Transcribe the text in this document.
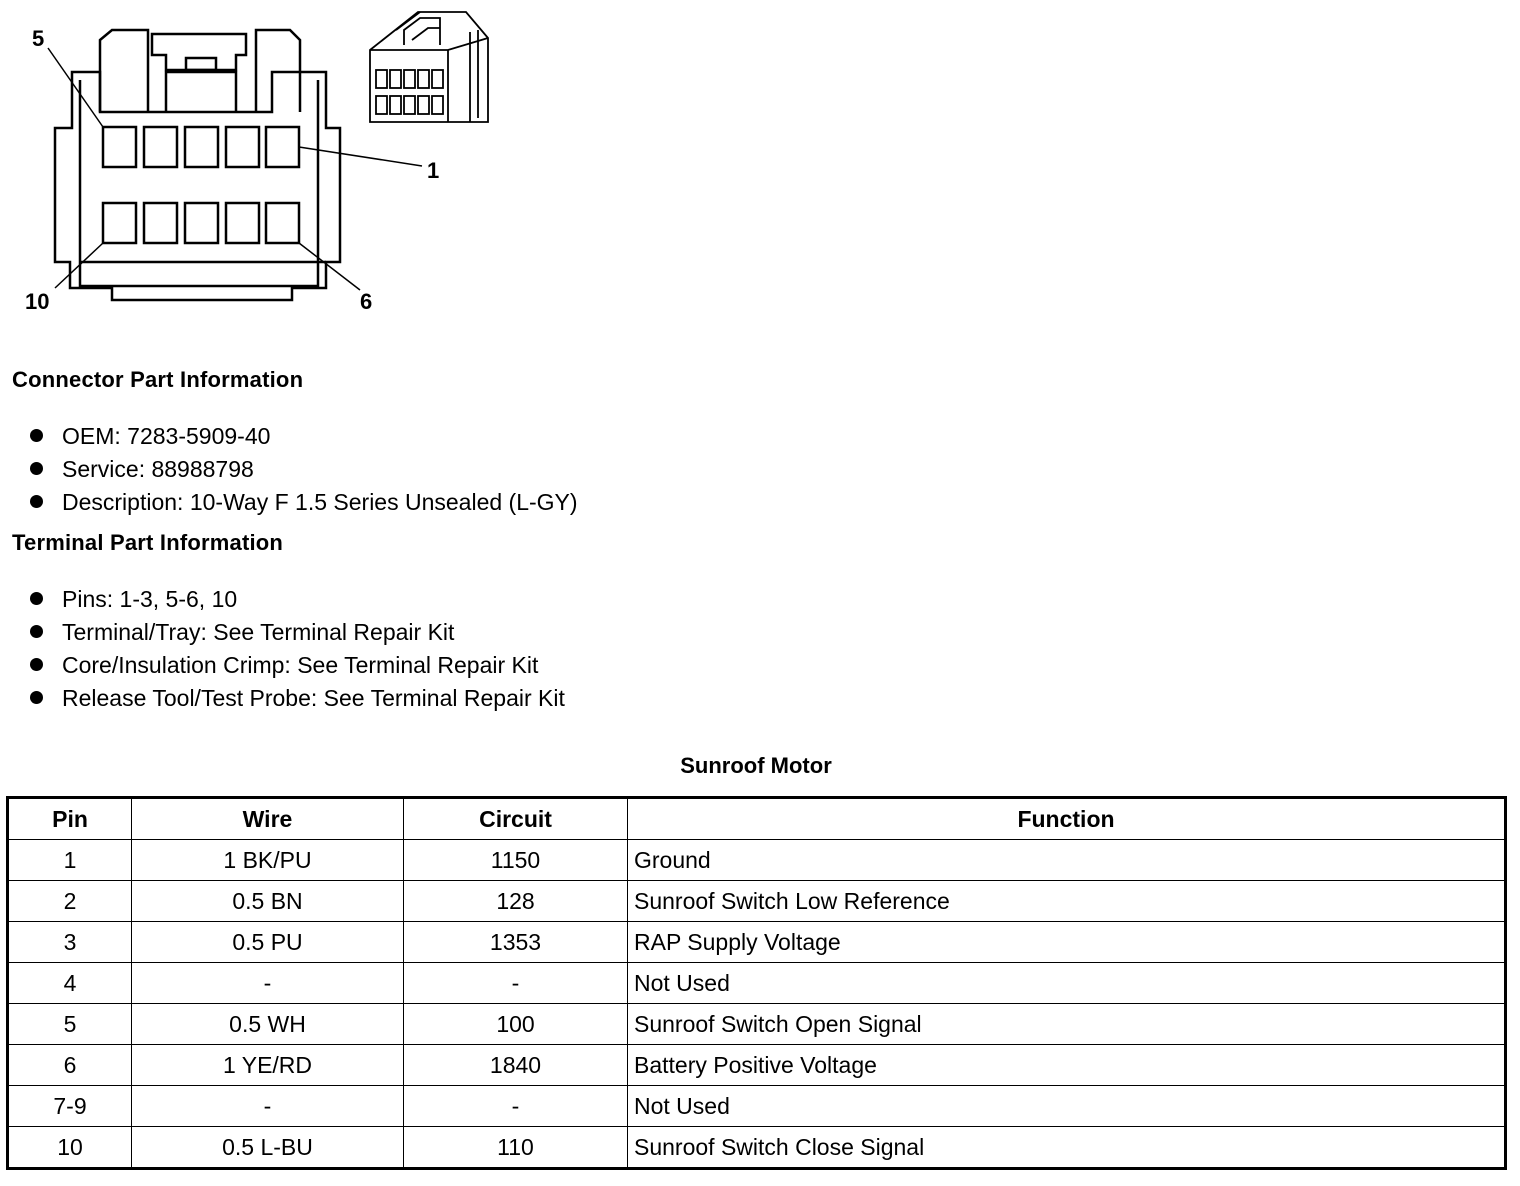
5
1
10	6
Connector Part Information
OEM: 7283-5909-40
Service: 88988798
Description: 10-Way F 1.5 Series Unsealed (L-GY)
Terminal Part Information
Pins: 1-3, 5-6, 10
Terminal/Tray: See Terminal Repair Kit
Core/Insulation Crimp: See Terminal Repair Kit
Release Tool/Test Probe: See Terminal Repair Kit
Sunroof Motor
Pin	Wire	Circuit	Function
1	1 BK/PU	1150	Ground
2	0.5 BN	128	Sunroof Switch Low Reference
3	0.5 PU	1353	RAP Supply Voltage
4	-	-	Not Used
5	0.5 WH	100	Sunroof Switch Open Signal
6	1 YE/RD	1840	Battery Positive Voltage
7-9	-	-	Not Used
10	0.5 L-BU	110	Sunroof Switch Close Signal
